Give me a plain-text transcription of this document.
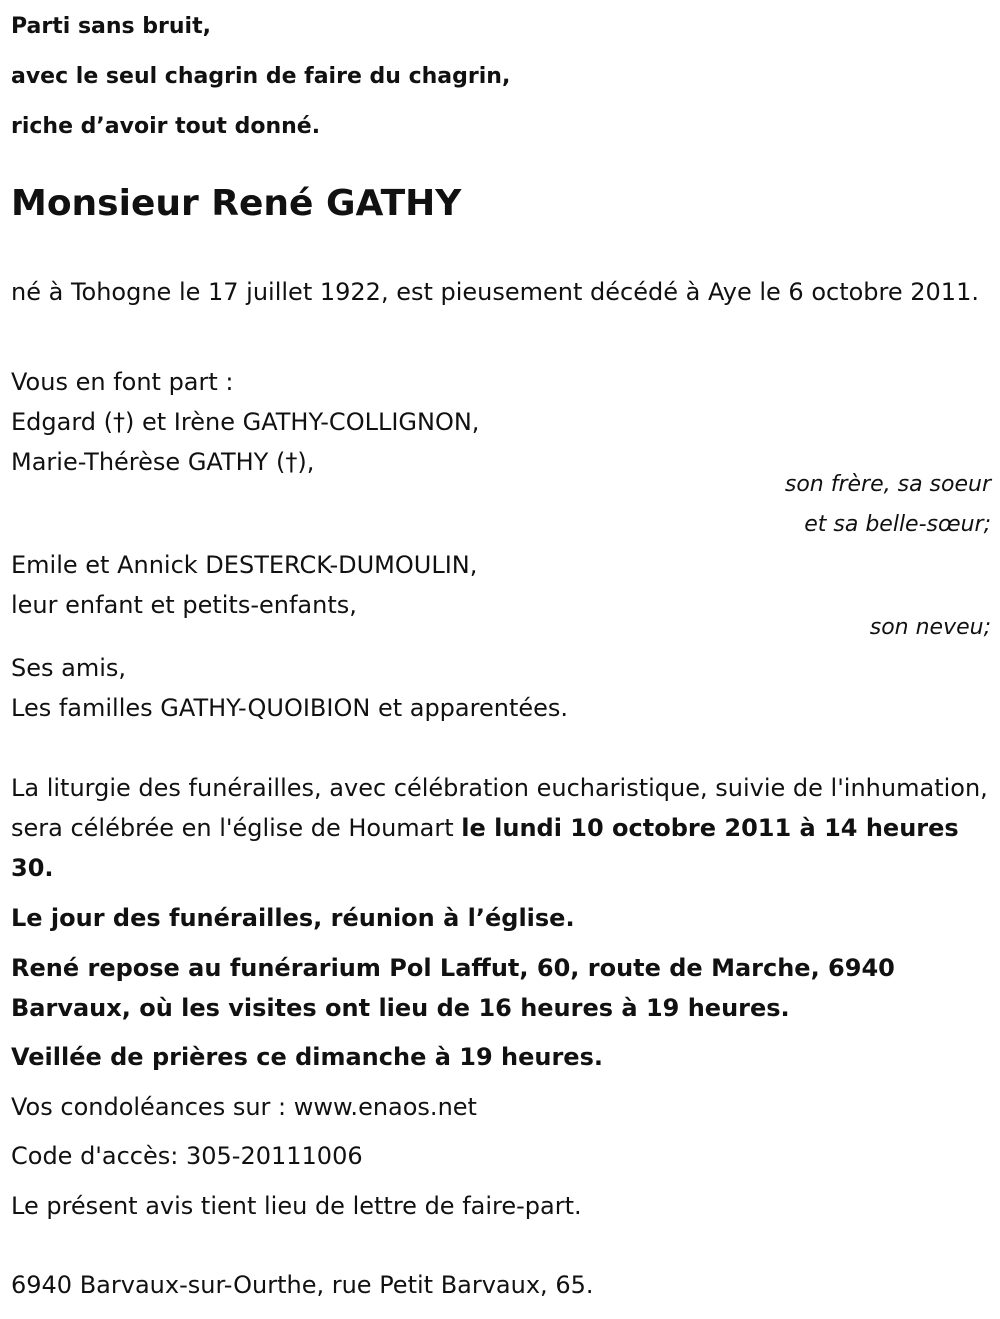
Parti sans bruit,

avec le seul chagrin de faire du chagrin,

riche d’avoir tout donné.

Monsieur René GATHY

né à Tohogne le 17 juillet 1922, est pieusement décédé à Aye le 6 octobre 2011.

Vous en font part :

Edgard (†) et Irène GATHY-COLLIGNON,

Marie-Thérèse GATHY (†),

son frère, sa soeur

et sa belle-sœur;

Emile et Annick DESTERCK-DUMOULIN,

leur enfant et petits-enfants,

son neveu;

Ses amis,

Les familles GATHY-QUOIBION et apparentées.

La liturgie des funérailles, avec célébration eucharistique, suivie de l'inhumation, sera célébrée en l'église de Houmart le lundi 10 octobre 2011 à 14 heures 30.

Le jour des funérailles, réunion à l’église.

René repose au funérarium Pol Laffut, 60, route de Marche, 6940 Barvaux, où les visites ont lieu de 16 heures à 19 heures.

Veillée de prières ce dimanche à 19 heures.

Vos condoléances sur : www.enaos.net

Code d'accès: 305-20111006

Le présent avis tient lieu de lettre de faire-part.

6940 Barvaux-sur-Ourthe, rue Petit Barvaux, 65.
